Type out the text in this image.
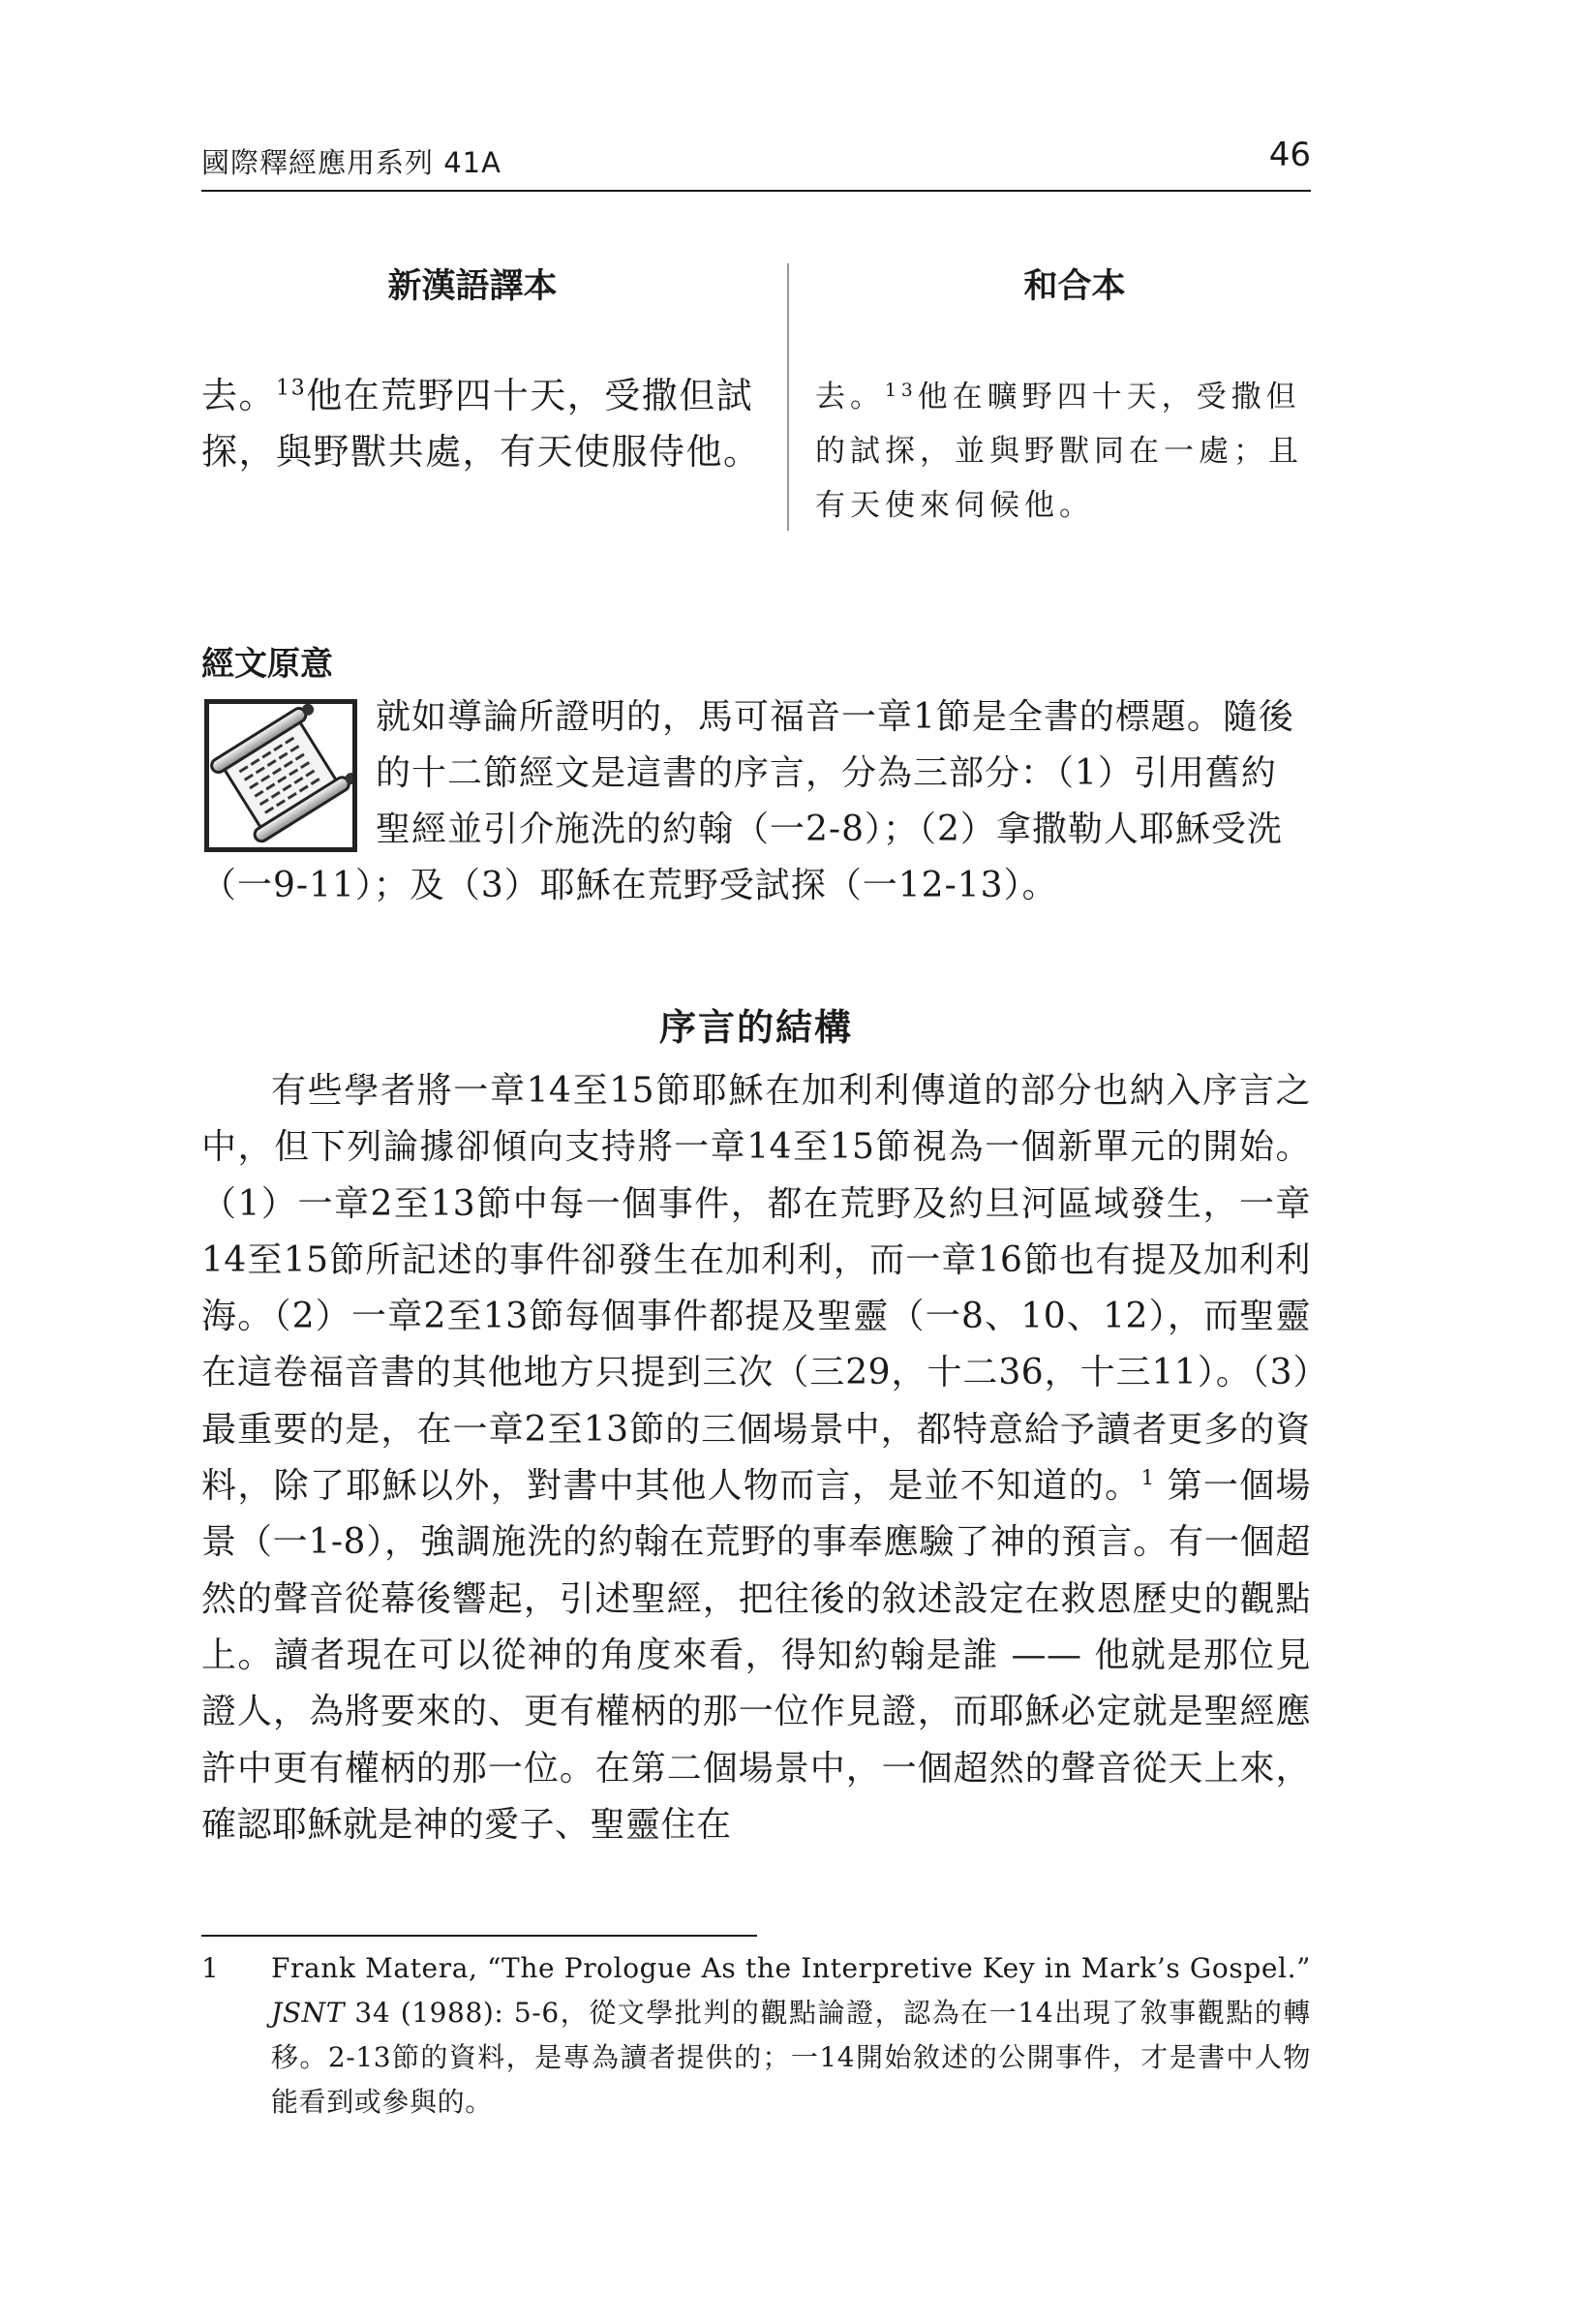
國際釋經應用系列 41A	46
新漢語譯本	和合本
去。$^{13}$他在荒野四十天，受撒但試探，與野獸共處，有天使服侍他。
去。$^{13}$他在曠野四十天，受撒但的試探，並與野獸同在一處；且有天使來伺候他。
經文原意
就如導論所證明的，馬可福音一章1節是全書的標題。隨後的十二節經文是這書的序言，分為三部分：（1）引用舊約聖經並引介施洗的約翰（一2-8）；（2）拿撒勒人耶穌受洗（一9-11）；及（3）耶穌在荒野受試探（一12-13）。
序言的結構
有些學者將一章14至15節耶穌在加利利傳道的部分也納入序言之中，但下列論據卻傾向支持將一章14至15節視為一個新單元的開始。（1）一章2至13節中每一個事件，都在荒野及約旦河區域發生，一章14至15節所記述的事件卻發生在加利利，而一章16節也有提及加利利海。（2）一章2至13節每個事件都提及聖靈（一8、10、12），而聖靈在這卷福音書的其他地方只提到三次（三29，十二36，十三11）。（3）最重要的是，在一章2至13節的三個場景中，都特意給予讀者更多的資料，除了耶穌以外，對書中其他人物而言，是並不知道的。$^1$ 第一個場景（一1-8），強調施洗的約翰在荒野的事奉應驗了神的預言。有一個超然的聲音從幕後響起，引述聖經，把往後的敘述設定在救恩歷史的觀點上。讀者現在可以從神的角度來看，得知約翰是誰 —— 他就是那位見證人，為將要來的、更有權柄的那一位作見證，而耶穌必定就是聖經應許中更有權柄的那一位。在第二個場景中，一個超然的聲音從天上來，確認耶穌就是神的愛子、聖靈住在
1 Frank Matera, “The Prologue As the Interpretive Key in Mark’s Gospel.” JSNT 34 (1988): 5-6，從文學批判的觀點論證，認為在一14出現了敘事觀點的轉移。2-13節的資料，是專為讀者提供的；一14開始敘述的公開事件，才是書中人物能看到或參與的。
